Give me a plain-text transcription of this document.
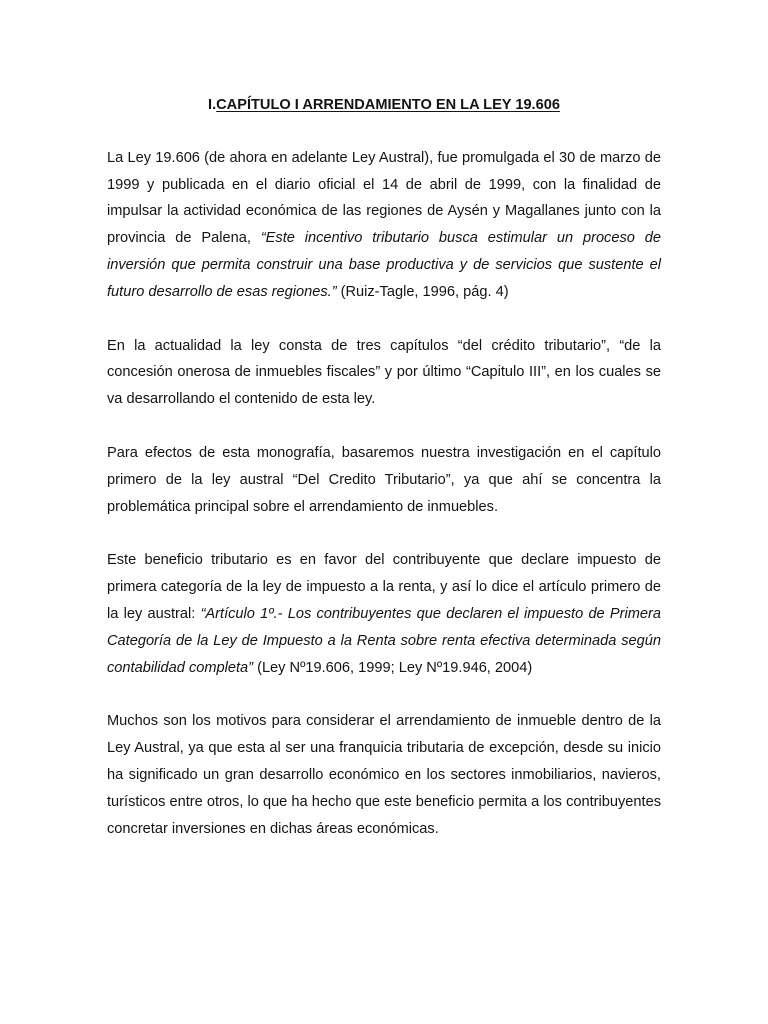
I.CAPÍTULO I ARRENDAMIENTO EN LA LEY 19.606

La Ley 19.606 (de ahora en adelante Ley Austral), fue promulgada el 30 de marzo de 1999 y publicada en el diario oficial el 14 de abril de 1999, con la finalidad de impulsar la actividad económica de las regiones de Aysén y Magallanes junto con la provincia de Palena, “Este incentivo tributario busca estimular un proceso de inversión que permita construir una base productiva y de servicios que sustente el futuro desarrollo de esas regiones.” (Ruiz-Tagle, 1996, pág. 4)

En la actualidad la ley consta de tres capítulos “del crédito tributario”, “de la concesión onerosa de inmuebles fiscales” y por último “Capitulo III”, en los cuales se va desarrollando el contenido de esta ley.

Para efectos de esta monografía, basaremos nuestra investigación en el capítulo primero de la ley austral “Del Credito Tributario”, ya que ahí se concentra la problemática principal sobre el arrendamiento de inmuebles.

Este beneficio tributario es en favor del contribuyente que declare impuesto de primera categoría de la ley de impuesto a la renta, y así lo dice el artículo primero de la ley austral: “Artículo 1º.- Los contribuyentes que declaren el impuesto de Primera Categoría de la Ley de Impuesto a la Renta sobre renta efectiva determinada según contabilidad completa” (Ley Nº19.606, 1999; Ley Nº19.946, 2004)

Muchos son los motivos para considerar el arrendamiento de inmueble dentro de la Ley Austral, ya que esta al ser una franquicia tributaria de excepción, desde su inicio ha significado un gran desarrollo económico en los sectores inmobiliarios, navieros, turísticos entre otros, lo que ha hecho que este beneficio permita a los contribuyentes concretar inversiones en dichas áreas económicas.
